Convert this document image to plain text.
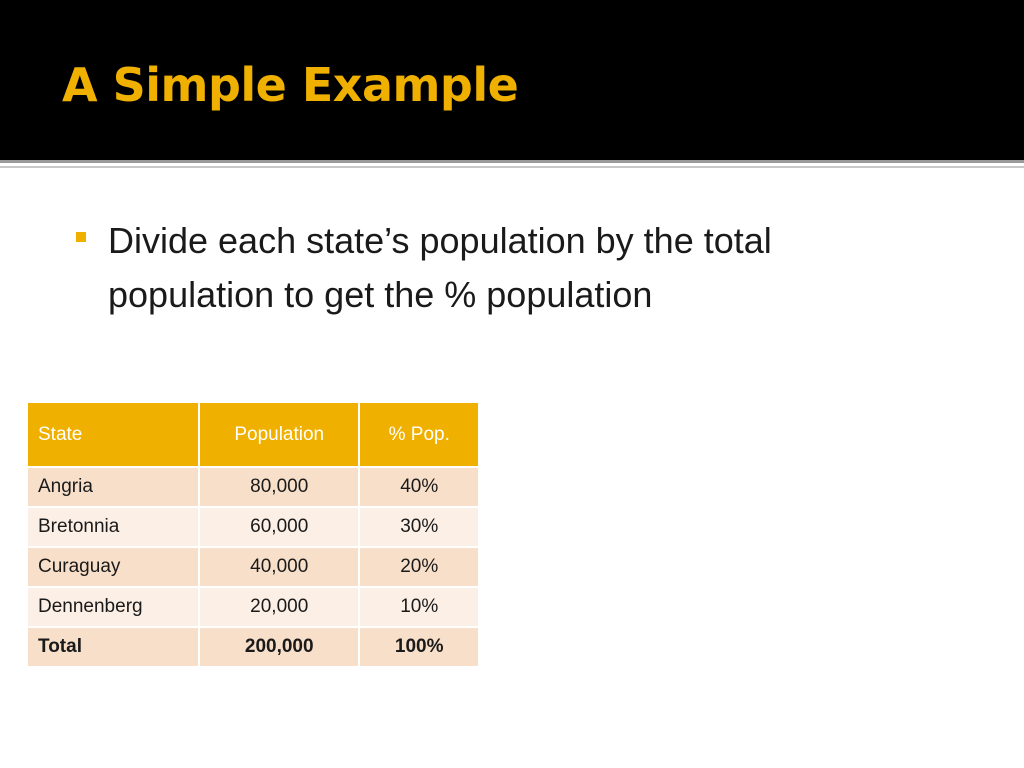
A Simple Example
Divide each state’s population by the total population to get the % population
State	Population	% Pop.
Angria	80,000	40%
Bretonnia	60,000	30%
Curaguay	40,000	20%
Dennenberg	20,000	10%
Total	200,000	100%
